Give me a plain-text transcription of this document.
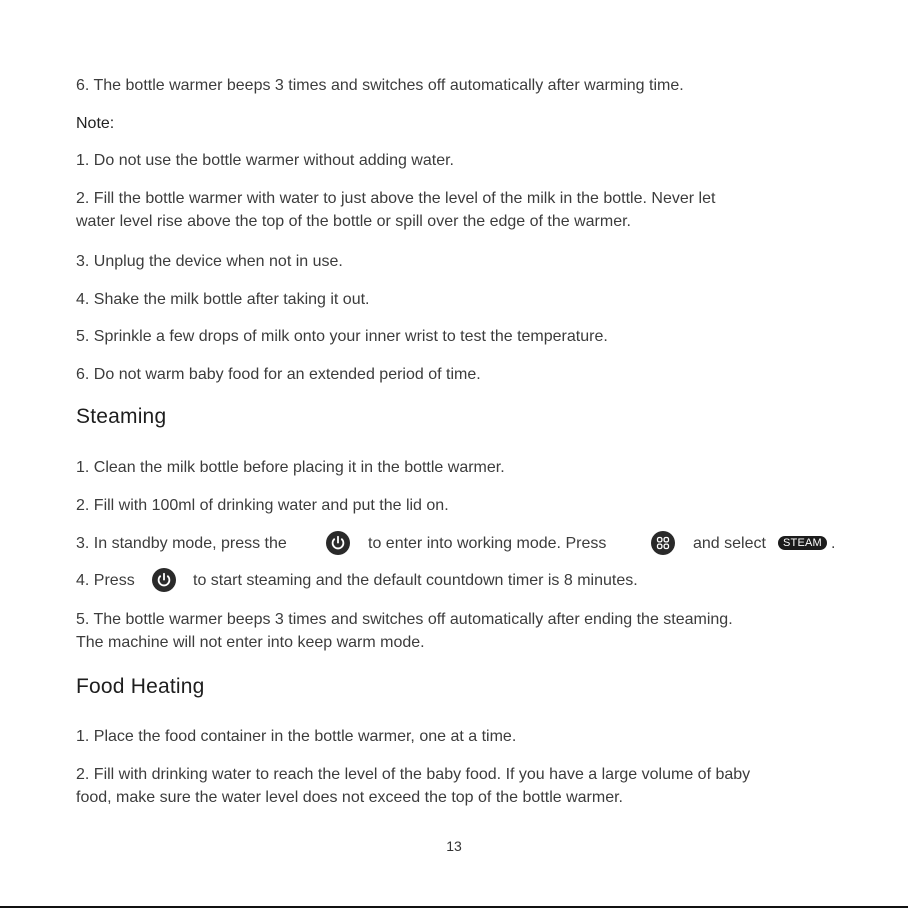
6. The bottle warmer beeps 3 times and switches off automatically after warming time.

Note:

1. Do not use the bottle warmer without adding water.

2. Fill the bottle warmer with water to just above the level of the milk in the bottle. Never let

water level rise above the top of the bottle or spill over the edge of the warmer.

3. Unplug the device when not in use.

4. Shake the milk bottle after taking it out.

5. Sprinkle a few drops of milk onto your inner wrist to test the temperature.

6. Do not warm baby food for an extended period of time.

Steaming

1. Clean the milk bottle before placing it in the bottle warmer.

2. Fill with 100ml of drinking water and put the lid on.

3. In standby mode, press the	to enter into working mode. Press	and select	STEAM .
4. Press	to start steaming and the default countdown timer is 8 minutes.

5. The bottle warmer beeps 3 times and switches off automatically after ending the steaming.

The machine will not enter into keep warm mode.

Food Heating

1. Place the food container in the bottle warmer, one at a time.

2. Fill with drinking water to reach the level of the baby food. If you have a large volume of baby

food, make sure the water level does not exceed the top of the bottle warmer.

13
